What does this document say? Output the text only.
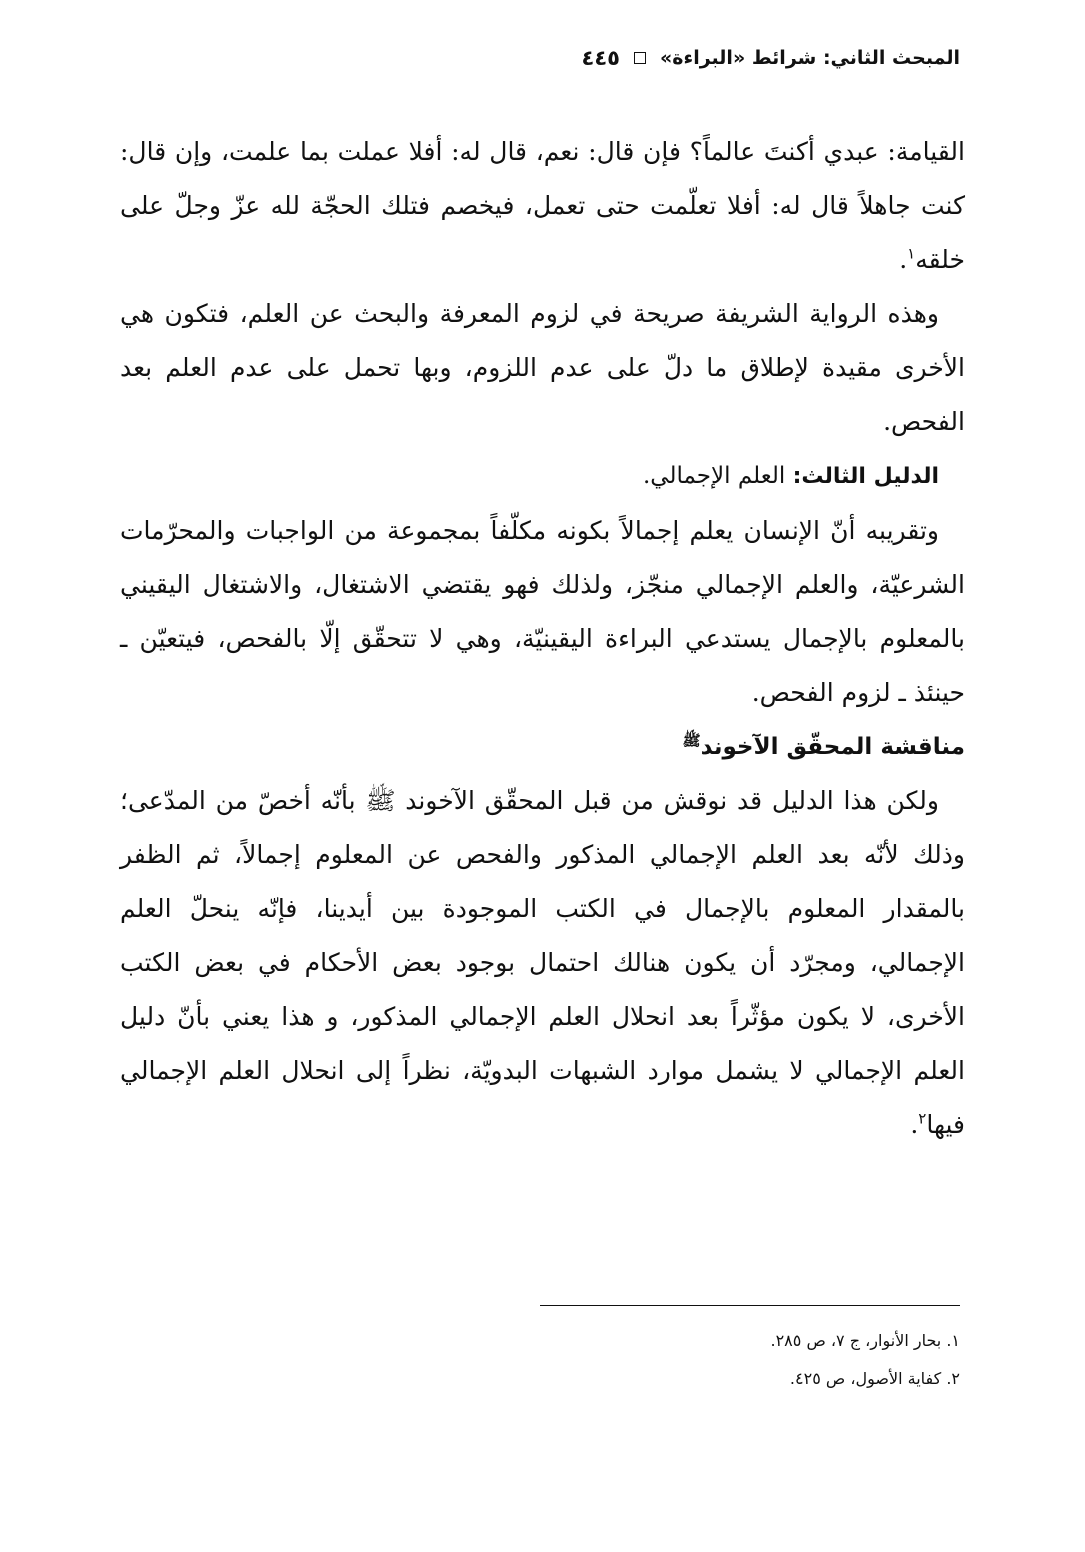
المبحث الثاني: شرائط «البراءة»
٤٤٥

القيامة: عبدي أكنتَ عالماً؟ فإن قال: نعم، قال له: أفلا عملت بما علمت، وإن قال: كنت جاهلاً قال له: أفلا تعلّمت حتى تعمل، فيخصم فتلك الحجّة لله عزّ وجلّ على خلقه$^١$.

وهذه الرواية الشريفة صريحة في لزوم المعرفة والبحث عن العلم، فتكون هي الأخرى مقيدة لإطلاق ما دلّ على عدم اللزوم، وبها تحمل على عدم العلم بعد الفحص.

الدليل الثالث: العلم الإجمالي.

وتقريبه أنّ الإنسان يعلم إجمالاً بكونه مكلّفاً بمجموعة من الواجبات والمحرّمات الشرعيّة، والعلم الإجمالي منجّز، ولذلك فهو يقتضي الاشتغال، والاشتغال اليقيني بالمعلوم بالإجمال يستدعي البراءة اليقينيّة، وهي لا تتحقّق إلّا بالفحص، فيتعيّن ـ حينئذ ـ لزوم الفحص.

مناقشة المحقّق الآخوند$^ﷺ$

ولكن هذا الدليل قد نوقش من قبل المحقّق الآخوند ﷺ بأنّه أخصّ من المدّعى؛ وذلك لأنّه بعد العلم الإجمالي المذكور والفحص عن المعلوم إجمالاً، ثم الظفر بالمقدار المعلوم بالإجمال في الكتب الموجودة بين أيدينا، فإنّه ينحلّ العلم الإجمالي، ومجرّد أن يكون هنالك احتمال بوجود بعض الأحكام في بعض الكتب الأخرى، لا يكون مؤثّراً بعد انحلال العلم الإجمالي المذكور، و هذا يعني بأنّ دليل العلم الإجمالي لا يشمل موارد الشبهات البدويّة، نظراً إلى انحلال العلم الإجمالي فيها$^٢$.

١. بحار الأنوار، ج ٧، ص ٢٨٥.

٢. كفاية الأصول، ص ٤٢٥.
